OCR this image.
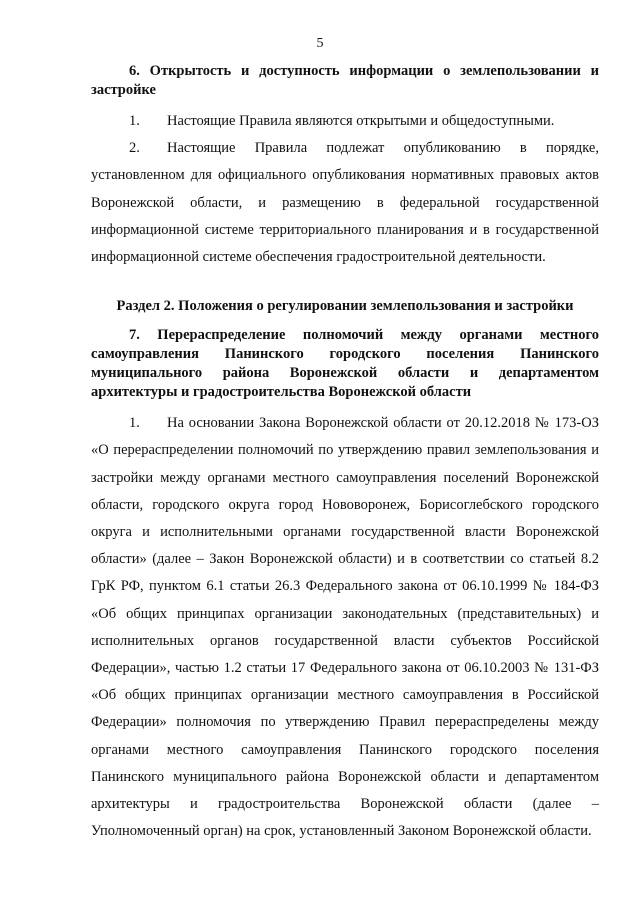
5

6. Открытость и доступность информации о землепользовании и застройке

1. Настоящие Правила являются открытыми и общедоступными.

2. Настоящие Правила подлежат опубликованию в порядке, установленном для официального опубликования нормативных правовых актов Воронежской области, и размещению в федеральной государственной информационной системе территориального планирования и в государственной информационной системе обеспечения градостроительной деятельности.

Раздел 2. Положения о регулировании землепользования и застройки

7. Перераспределение полномочий между органами местного самоуправления Панинского городского поселения Панинского муниципального района Воронежской области и департаментом архитектуры и градостроительства Воронежской области

1. На основании Закона Воронежской области от 20.12.2018 № 173-ОЗ «О перераспределении полномочий по утверждению правил землепользования и застройки между органами местного самоуправления поселений Воронежской области, городского округа город Нововоронеж, Борисоглебского городского округа и исполнительными органами государственной власти Воронежской области» (далее – Закон Воронежской области) и в соответствии со статьей 8.2 ГрК РФ, пунктом 6.1 статьи 26.3 Федерального закона от 06.10.1999 № 184-ФЗ «Об общих принципах организации законодательных (представительных) и исполнительных органов государственной власти субъектов Российской Федерации», частью 1.2 статьи 17 Федерального закона от 06.10.2003 № 131-ФЗ «Об общих принципах организации местного самоуправления в Российской Федерации» полномочия по утверждению Правил перераспределены между органами местного самоуправления Панинского городского поселения Панинского муниципального района Воронежской области и департаментом архитектуры и градостроительства Воронежской области (далее – Уполномоченный орган) на срок, установленный Законом Воронежской области.
